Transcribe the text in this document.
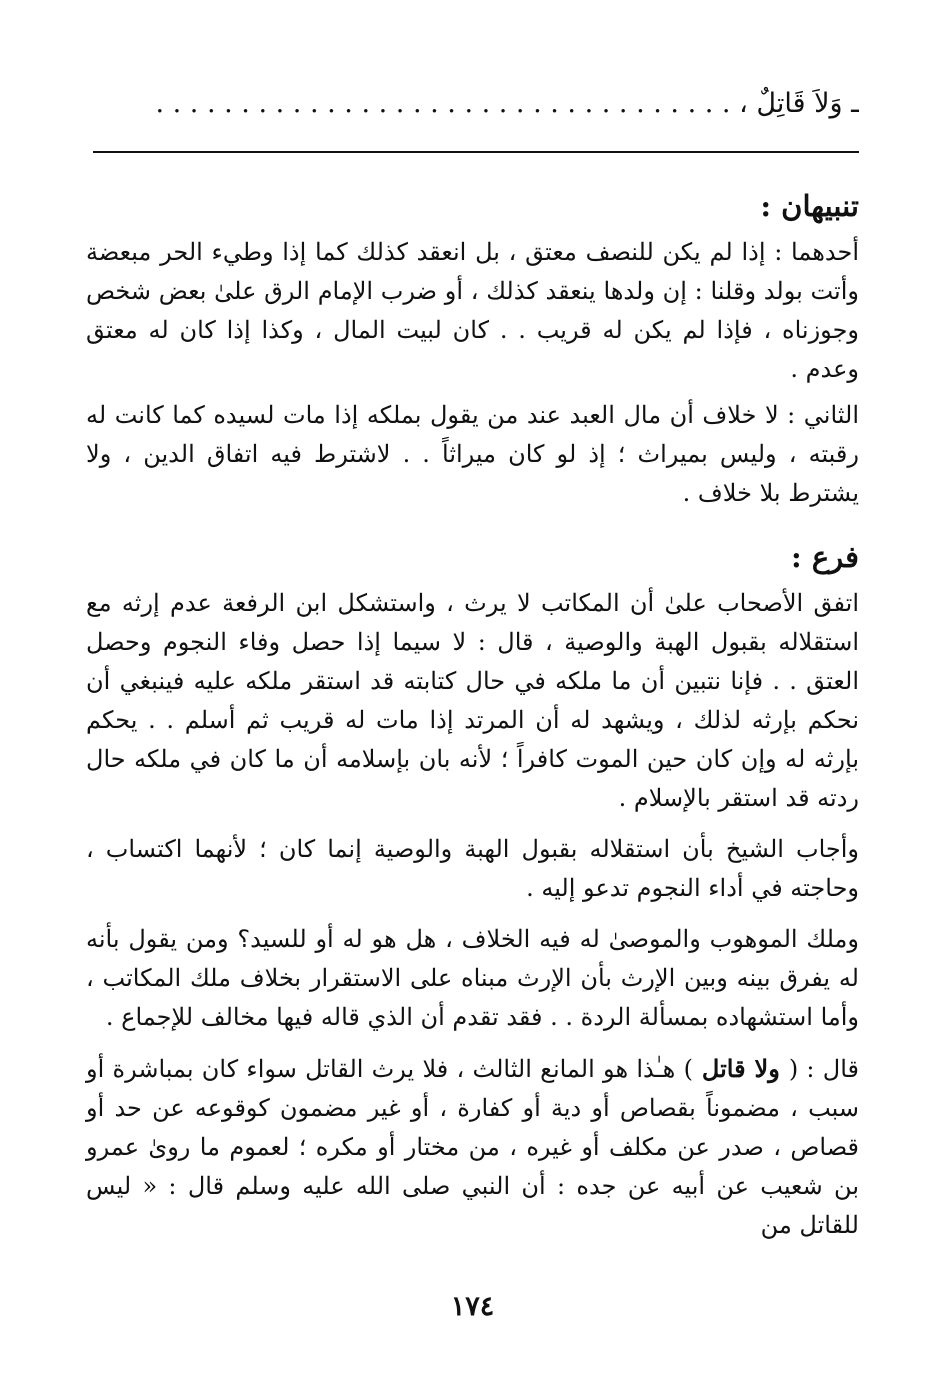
ـ وَلاَ قَاتِلٌ ، . . . . . . . . . . . . . . . . . . . . . . . . . . . . . . . . . .
تنبيهان :

أحدهما : إذا لم يكن للنصف معتق ، بل انعقد كذلك كما إذا وطيء الحر مبعضة وأتت بولد وقلنا : إن ولدها ينعقد كذلك ، أو ضرب الإمام الرق علىٰ بعض شخص وجوزناه ، فإذا لم يكن له قريب . . كان لبيت المال ، وكذا إذا كان له معتق وعدم .

الثاني : لا خلاف أن مال العبد عند من يقول بملكه إذا مات لسيده كما كانت له رقبته ، وليس بميراث ؛ إذ لو كان ميراثاً . . لاشترط فيه اتفاق الدين ، ولا يشترط بلا خلاف .

فرع :

اتفق الأصحاب علىٰ أن المكاتب لا يرث ، واستشكل ابن الرفعة عدم إرثه مع استقلاله بقبول الهبة والوصية ، قال : لا سيما إذا حصل وفاء النجوم وحصل العتق . . فإنا نتبين أن ما ملكه في حال كتابته قد استقر ملكه عليه فينبغي أن نحكم بإرثه لذلك ، ويشهد له أن المرتد إذا مات له قريب ثم أسلم . . يحكم بإرثه له وإن كان حين الموت كافراً ؛ لأنه بان بإسلامه أن ما كان في ملكه حال ردته قد استقر بالإسلام .

وأجاب الشيخ بأن استقلاله بقبول الهبة والوصية إنما كان ؛ لأنهما اكتساب ، وحاجته في أداء النجوم تدعو إليه .

وملك الموهوب والموصىٰ له فيه الخلاف ، هل هو له أو للسيد؟ ومن يقول بأنه له يفرق بينه وبين الإرث بأن الإرث مبناه على الاستقرار بخلاف ملك المكاتب ، وأما استشهاده بمسألة الردة . . فقد تقدم أن الذي قاله فيها مخالف للإجماع .

قال : ( ولا قاتل ) هـٰذا هو المانع الثالث ، فلا يرث القاتل سواء كان بمباشرة أو سبب ، مضموناً بقصاص أو دية أو كفارة ، أو غير مضمون كوقوعه عن حد أو قصاص ، صدر عن مكلف أو غيره ، من مختار أو مكره ؛ لعموم ما روىٰ عمرو بن شعيب عن أبيه عن جده : أن النبي صلى الله عليه وسلم قال : « ليس للقاتل من

١٧٤
